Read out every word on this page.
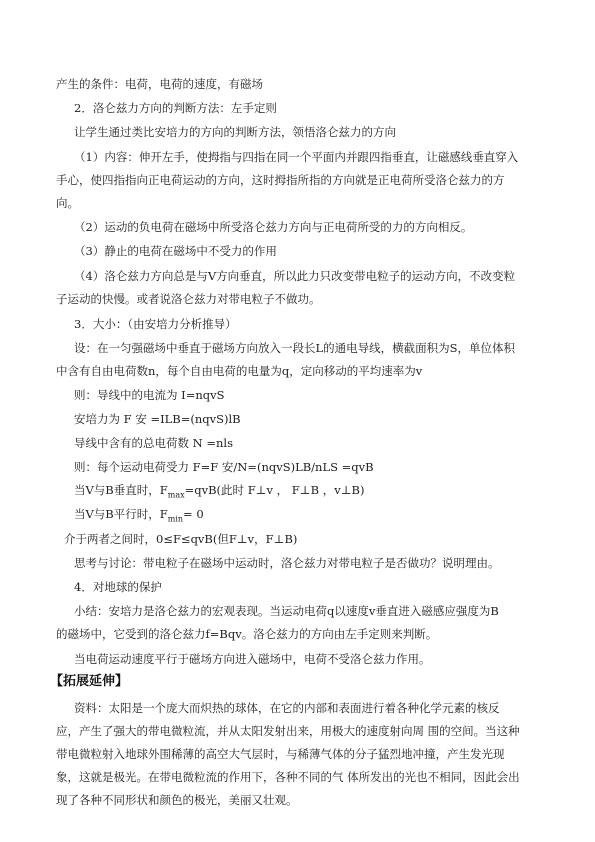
产生的条件：电荷，电荷的速度，有磁场
2．洛仑兹力方向的判断方法：左手定则
让学生通过类比安培力的方向的判断方法，领悟洛仑兹力的方向
（1）内容：伸开左手，使拇指与四指在同一个平面内并跟四指垂直，让磁感线垂直穿入
手心，使四指指向正电荷运动的方向，这时拇指所指的方向就是正电荷所受洛仑兹力的方
向。
（2）运动的负电荷在磁场中所受洛仑兹力方向与正电荷所受的力的方向相反。
（3）静止的电荷在磁场中不受力的作用
（4）洛仑兹力方向总是与V方向垂直，所以此力只改变带电粒子的运动方向，不改变粒
子运动的快慢。或者说洛仑兹力对带电粒子不做功。
3．大小：（由安培力分析推导）
设：在一匀强磁场中垂直于磁场方向放入一段长L的通电导线，横截面积为S，单位体积
中含有自由电荷数n，每个自由电荷的电量为q，定向移动的平均速率为v
则：导线中的电流为 I=nqvS
安培力为 F 安 =ILB=(nqvS)lB
导线中含有的总电荷数 N =nls
则：每个运动电荷受力 F=F 安/N=(nqvS)LB/nLS =qvB
当V与B垂直时，$F_{max}=qvB$(此时 F⊥v ， F⊥B ，v⊥B)
当V与B平行时，$F_{min}= 0$
介于两者之间时，0≤F≤qvB(但F⊥v，F⊥B)
思考与讨论：带电粒子在磁场中运动时，洛仑兹力对带电粒子是否做功？说明理由。
4．对地球的保护
小结：安培力是洛仑兹力的宏观表现。当运动电荷q以速度v垂直进入磁感应强度为B
的磁场中，它受到的洛仑兹力f=Bqv。洛仑兹力的方向由左手定则来判断。
当电荷运动速度平行于磁场方向进入磁场中，电荷不受洛仑兹力作用。
【拓展延伸】
资料：太阳是一个庞大而炽热的球体，在它的内部和表面进行着各种化学元素的核反
应，产生了强大的带电微粒流，并从太阳发射出来，用极大的速度射向周 围的空间。当这种
带电微粒射入地球外围稀薄的高空大气层时，与稀薄气体的分子猛烈地冲撞，产生发光现
象，这就是极光。在带电微粒流的作用下，各种不同的气 体所发出的光也不相同，因此会出
现了各种不同形状和颜色的极光，美丽又壮观。
